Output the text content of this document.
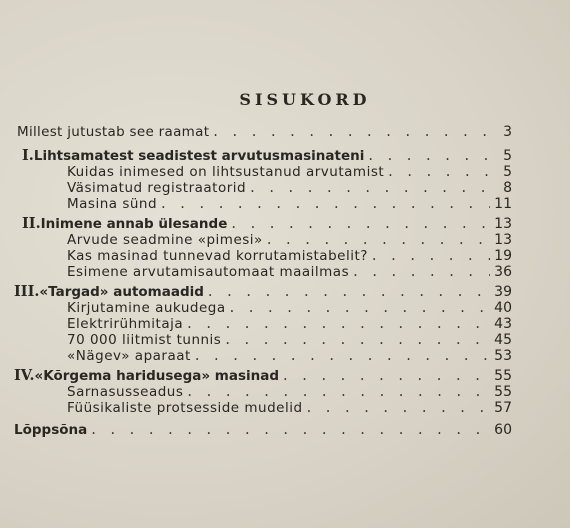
SISUKORD
Millest jutustab see raamat . . .	3
I. Lihtsamatest seadistest arvutusmasinateni . . .	5
Kuidas inimesed on lihtsustanud arvutamist . . .	5
Väsimatud registraatorid . . .	8
Masina sünd . . .	11
II. Inimene annab ülesande . . .	13
Arvude seadmine «pimesi» . . .	13
Kas masinad tunnevad korrutamistabelit? . . .	19
Esimene arvutamisautomaat maailmas . . .	36
III. «Targad» automaadid . . .	39
Kirjutamine aukudega . . .	40
Elektrirühmitaja . . .	43
70 000 liitmist tunnis . . .	45
«Nägev» aparaat . . .	53
IV. «Kõrgema haridusega» masinad . . .	55
Sarnasusseadus . . .	55
Füüsikaliste protsesside mudelid . . .	57
Lõppsõna . . .	60
